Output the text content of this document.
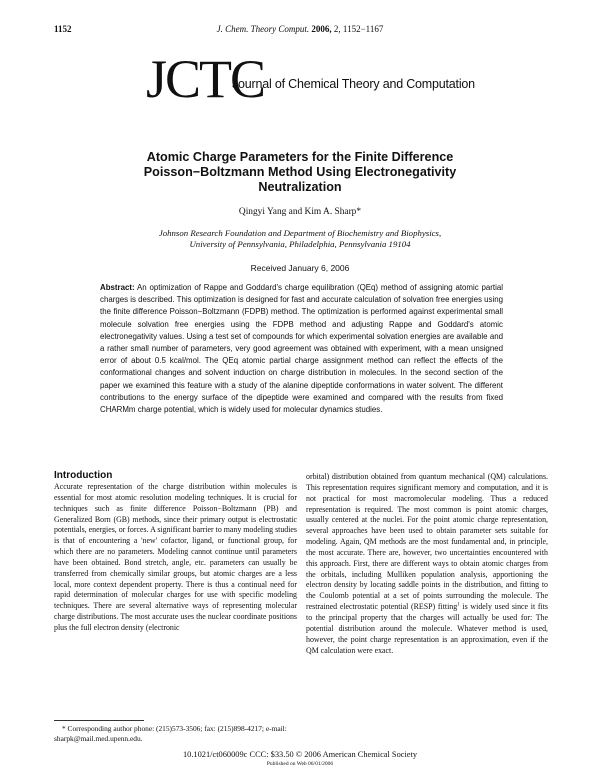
1152	J. Chem. Theory Comput. 2006, 2, 1152−1167
JCTC
Journal of Chemical Theory and Computation
Atomic Charge Parameters for the Finite Difference
Poisson−Boltzmann Method Using Electronegativity
Neutralization
Qingyi Yang and Kim A. Sharp*
Johnson Research Foundation and Department of Biochemistry and Biophysics,
University of Pennsylvania, Philadelphia, Pennsylvania 19104
Received January 6, 2006
Abstract: An optimization of Rappe and Goddard's charge equilibration (QEq) method of assigning atomic partial charges is described. This optimization is designed for fast and accurate calculation of solvation free energies using the finite difference Poisson−Boltzmann (FDPB) method. The optimization is performed against experimental small molecule solvation free energies using the FDPB method and adjusting Rappe and Goddard's atomic electronegativity values. Using a test set of compounds for which experimental solvation energies are available and a rather small number of parameters, very good agreement was obtained with experiment, with a mean unsigned error of about 0.5 kcal/mol. The QEq atomic partial charge assignment method can reflect the effects of the conformational changes and solvent induction on charge distribution in molecules. In the second section of the paper we examined this feature with a study of the alanine dipeptide conformations in water solvent. The different contributions to the energy surface of the dipeptide were examined and compared with the results from fixed CHARMm charge potential, which is widely used for molecular dynamics studies.
Introduction

Accurate representation of the charge distribution within molecules is essential for most atomic resolution modeling techniques. It is crucial for techniques such as finite difference Poisson−Boltzmann (PB) and Generalized Born (GB) methods, since their primary output is electrostatic potentials, energies, or forces. A significant barrier to many modeling studies is that of encountering a 'new' cofactor, ligand, or functional group, for which there are no parameters. Modeling cannot continue until parameters have been obtained. Bond stretch, angle, etc. parameters can usually be transferred from chemically similar groups, but atomic charges are a less local, more context dependent property. There is thus a continual need for rapid determination of molecular charges for use with specific modeling techniques. There are several alternative ways of representing molecular charge distributions. The most accurate uses the nuclear coordinate positions plus the full electron density (electronic

orbital) distribution obtained from quantum mechanical (QM) calculations. This representation requires significant memory and computation, and it is not practical for most macromolecular modeling. Thus a reduced representation is required. The most common is point atomic charges, usually centered at the nuclei. For the point atomic charge representation, several approaches have been used to obtain parameter sets suitable for modeling. Again, QM methods are the most fundamental and, in principle, the most accurate. There are, however, two uncertainties encountered with this approach. First, there are different ways to obtain atomic charges from the orbitals, including Mulliken population analysis, apportioning the electron density by locating saddle points in the distribution, and fitting to the Coulomb potential at a set of points surrounding the molecule. The restrained electrostatic potential (RESP) fitting$^1$ is widely used since it fits to the principal property that the charges will actually be used for: The potential distribution around the molecule. Whatever method is used, however, the point charge representation is an approximation, even if the QM calculation were exact.

* Corresponding author phone: (215)573-3506; fax: (215)898-4217; e-mail: sharpk@mail.med.upenn.edu.
10.1021/ct060009c CCC: $33.50 © 2006 American Chemical Society
Published on Web 06/01/2006
